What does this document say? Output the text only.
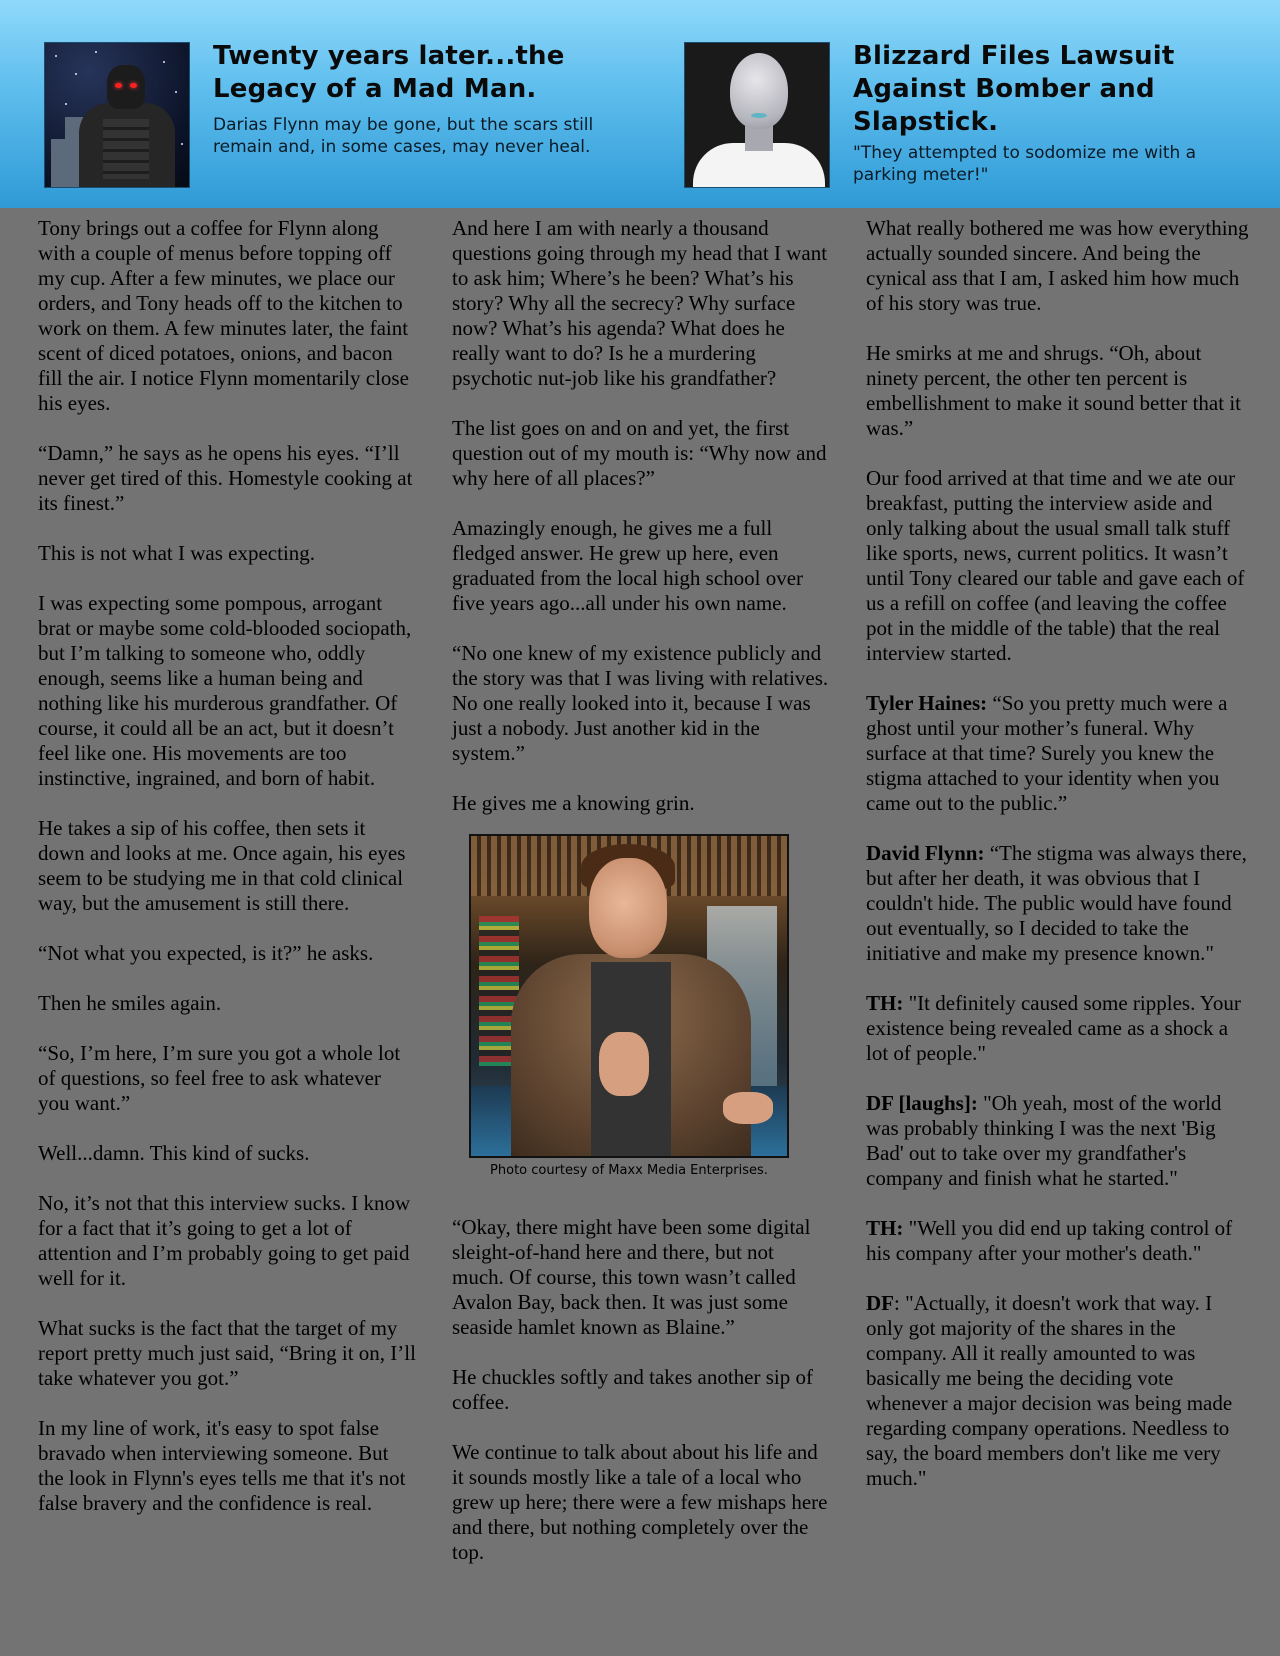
Twenty years later...the Legacy of a Mad Man.
Darias Flynn may be gone, but the scars still remain and, in some cases, may never heal.
Blizzard Files Lawsuit Against Bomber and Slapstick.
"They attempted to sodomize me with a parking meter!"

Tony brings out a coffee for Flynn along with a couple of menus before topping off my cup. After a few minutes, we place our orders, and Tony heads off to the kitchen to work on them. A few minutes later, the faint scent of diced potatoes, onions, and bacon fill the air. I notice Flynn momentarily close his eyes.

“Damn,” he says as he opens his eyes. “I’ll never get tired of this. Homestyle cooking at its finest.”

This is not what I was expecting.

I was expecting some pompous, arrogant brat or maybe some cold-blooded sociopath, but I’m talking to someone who, oddly enough, seems like a human being and nothing like his murderous grandfather. Of course, it could all be an act, but it doesn’t feel like one. His movements are too instinctive, ingrained, and born of habit.

He takes a sip of his coffee, then sets it down and looks at me. Once again, his eyes seem to be studying me in that cold clinical way, but the amusement is still there.

“Not what you expected, is it?” he asks.

Then he smiles again.

“So, I’m here, I’m sure you got a whole lot of questions, so feel free to ask whatever you want.”

Well...damn. This kind of sucks.

No, it’s not that this interview sucks. I know for a fact that it’s going to get a lot of attention and I’m probably going to get paid well for it.

What sucks is the fact that the target of my report pretty much just said, “Bring it on, I’ll take whatever you got.”

In my line of work, it's easy to spot false bravado when interviewing someone. But the look in Flynn's eyes tells me that it's not false bravery and the confidence is real.

And here I am with nearly a thousand questions going through my head that I want to ask him; Where’s he been? What’s his story? Why all the secrecy? Why surface now? What’s his agenda? What does he really want to do? Is he a murdering psychotic nut-job like his grandfather?

The list goes on and on and yet, the first question out of my mouth is: “Why now and why here of all places?”

Amazingly enough, he gives me a full fledged answer. He grew up here, even graduated from the local high school over five years ago...all under his own name.

“No one knew of my existence publicly and the story was that I was living with relatives. No one really looked into it, because I was just a nobody. Just another kid in the system.”

He gives me a knowing grin.

Photo courtesy of Maxx Media Enterprises.

“Okay, there might have been some digital sleight-of-hand here and there, but not much. Of course, this town wasn’t called Avalon Bay, back then. It was just some seaside hamlet known as Blaine.”

He chuckles softly and takes another sip of coffee.

We continue to talk about about his life and it sounds mostly like a tale of a local who grew up here; there were a few mishaps here and there, but nothing completely over the top.

What really bothered me was how everything actually sounded sincere. And being the cynical ass that I am, I asked him how much of his story was true.

He smirks at me and shrugs. “Oh, about ninety percent, the other ten percent is embellishment to make it sound better that it was.”

Our food arrived at that time and we ate our breakfast, putting the interview aside and only talking about the usual small talk stuff like sports, news, current politics. It wasn’t until Tony cleared our table and gave each of us a refill on coffee (and leaving the coffee pot in the middle of the table) that the real interview started.

Tyler Haines: “So you pretty much were a ghost until your mother’s funeral. Why surface at that time? Surely you knew the stigma attached to your identity when you came out to the public.”

David Flynn: “The stigma was always there, but after her death, it was obvious that I couldn't hide. The public would have found out eventually, so I decided to take the initiative and make my presence known."

TH: "It definitely caused some ripples. Your existence being revealed came as a shock a lot of people."

DF [laughs]: "Oh yeah, most of the world was probably thinking I was the next 'Big Bad' out to take over my grandfather's company and finish what he started."

TH: "Well you did end up taking control of his company after your mother's death."

DF: "Actually, it doesn't work that way. I only got majority of the shares in the company. All it really amounted to was basically me being the deciding vote whenever a major decision was being made regarding company operations. Needless to say, the board members don't like me very much."
